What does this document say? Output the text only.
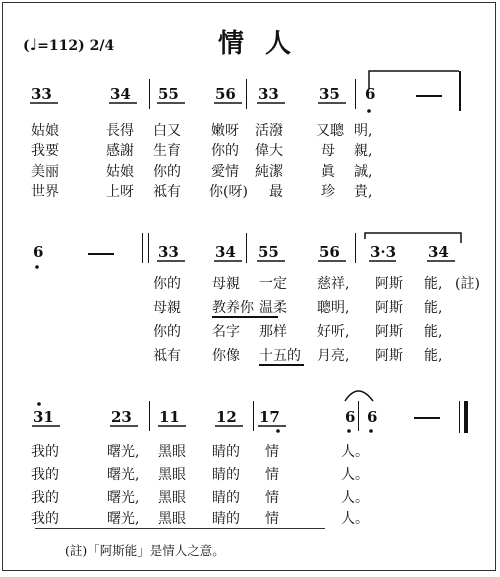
(♩=112) 2/4	情 人
33	34 55 56 33	35 6
姑娘	長得 白又 嫩呀 活潑 又聰 明,
我要	感謝 生育 你的 偉大	母 親,
美丽	姑娘 你的 愛情 純潔	眞 誠,
世界	上呀 祗有 你(呀) 最	珍 貴,
6	33 34 55	56 3·3 34
你的 母親 一定 慈祥, 阿斯 能, (註)
母親 教养你 温柔 聰明, 阿斯 能,
你的 名字 那样 好听, 阿斯 能,
祗有 你像 十五的 月亮, 阿斯 能,
31	23 11 12 17	6 6
我的	曙光, 黑眼 睛的 情	人。
我的	曙光, 黑眼 睛的 情	人。
我的	曙光, 黑眼 睛的 情	人。
我的	曙光, 黑眼 睛的 情	人。
(註)「阿斯能」是情人之意。
